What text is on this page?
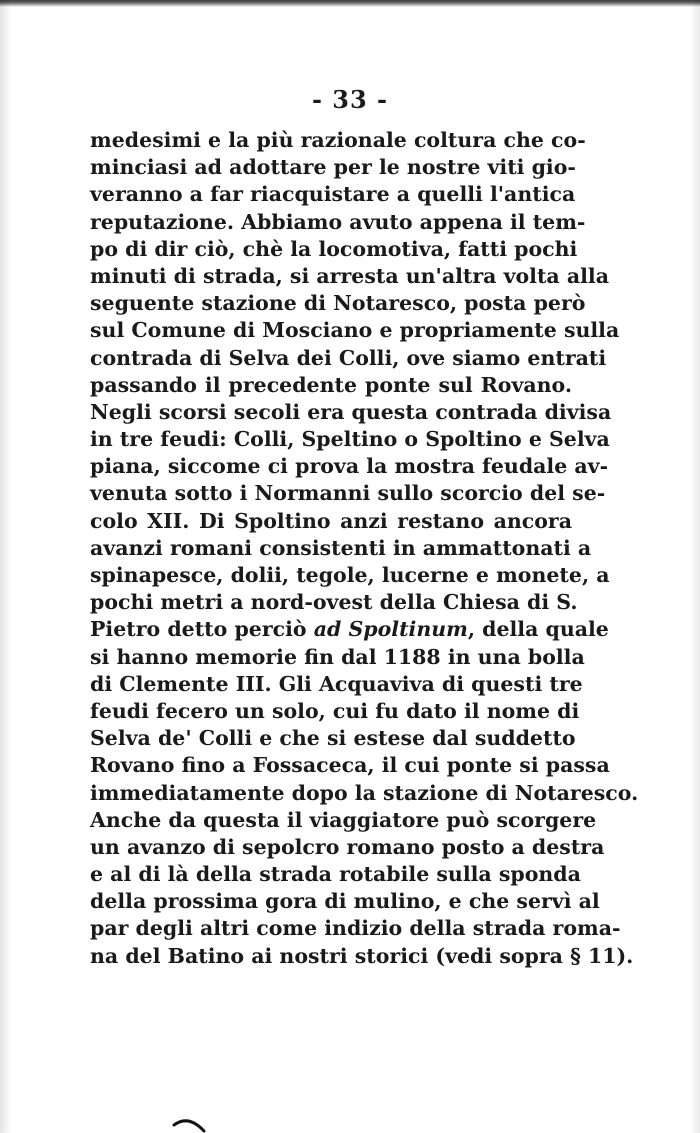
- 33 -
medesimi e la più razionale coltura che co-
minciasi ad adottare per le nostre viti gio-
veranno a far riacquistare a quelli l'antica
reputazione. Abbiamo avuto appena il tem-
po di dir ciò, chè la locomotiva, fatti pochi
minuti di strada, si arresta un'altra volta alla
seguente stazione di Notaresco, posta però
sul Comune di Mosciano e propriamente sulla
contrada di Selva dei Colli, ove siamo entrati
passando il precedente ponte sul Rovano.
Negli scorsi secoli era questa contrada divisa
in tre feudi: Colli, Speltino o Spoltino e Selva
piana, siccome ci prova la mostra feudale av-
venuta sotto i Normanni sullo scorcio del se-
colo XII. Di Spoltino anzi restano ancora
avanzi romani consistenti in ammattonati a
spinapesce, dolii, tegole, lucerne e monete, a
pochi metri a nord-ovest della Chiesa di S.
Pietro detto perciò ad Spoltinum, della quale
si hanno memorie fin dal 1188 in una bolla
di Clemente III. Gli Acquaviva di questi tre
feudi fecero un solo, cui fu dato il nome di
Selva de' Colli e che si estese dal suddetto
Rovano fino a Fossaceca, il cui ponte si passa
immediatamente dopo la stazione di Notaresco.
Anche da questa il viaggiatore può scorgere
un avanzo di sepolcro romano posto a destra
e al di là della strada rotabile sulla sponda
della prossima gora di mulino, e che servì al
par degli altri come indizio della strada roma-
na del Batino ai nostri storici (vedi sopra § 11).
